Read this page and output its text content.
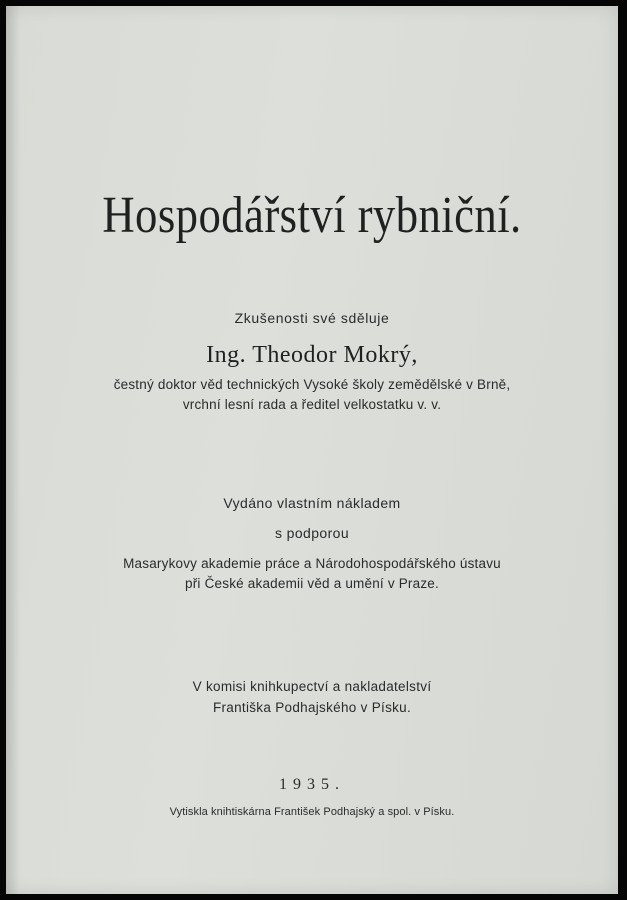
Hospodářství rybniční.
Zkušenosti své sděluje
Ing. Theodor Mokrý,
čestný doktor věd technických Vysoké školy zemědělské v Brně,
vrchní lesní rada a ředitel velkostatku v. v.
Vydáno vlastním nákladem
s podporou
Masarykovy akademie práce a Národohospodářského ústavu
při České akademii věd a umění v Praze.
V komisi knihkupectví a nakladatelství
Františka Podhajského v Písku.
1935.
Vytiskla knihtiskárna František Podhajský a spol. v Písku.
